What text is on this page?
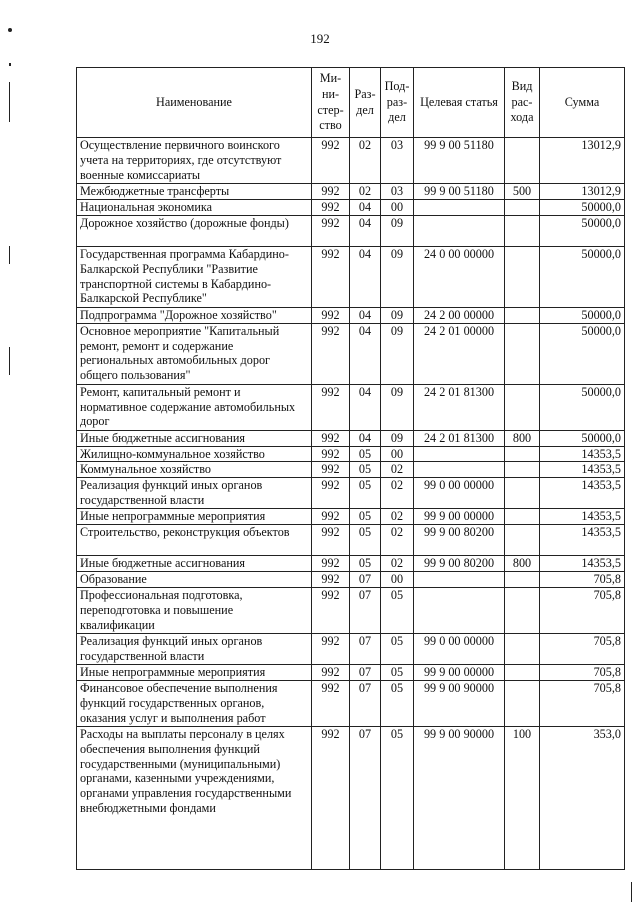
192
Наименование	Ми-ни-стер-ство	Раз-дел	Под-раз-дел	Целевая статья	Вид рас-хода	Сумма
Осуществление первичного воинского учета на территориях, где отсутствуют военные комиссариаты	992	02	03	99 9 00 51180		13012,9
Межбюджетные трансферты	992	02	03	99 9 00 51180	500	13012,9
Национальная экономика	992	04	00			50000,0
Дорожное хозяйство (дорожные фонды)	992	04	09			50000,0
Государственная программа Кабардино-Балкарской Республики "Развитие транспортной системы в Кабардино-Балкарской Республике"	992	04	09	24 0 00 00000		50000,0
Подпрограмма "Дорожное хозяйство"	992	04	09	24 2 00 00000		50000,0
Основное мероприятие "Капитальный ремонт, ремонт и содержание региональных автомобильных дорог общего пользования"	992	04	09	24 2 01 00000		50000,0
Ремонт, капитальный ремонт и нормативное содержание автомобильных дорог	992	04	09	24 2 01 81300		50000,0
Иные бюджетные ассигнования	992	04	09	24 2 01 81300	800	50000,0
Жилищно-коммунальное хозяйство	992	05	00			14353,5
Коммунальное хозяйство	992	05	02			14353,5
Реализация функций иных органов государственной власти	992	05	02	99 0 00 00000		14353,5
Иные непрограммные мероприятия	992	05	02	99 9 00 00000		14353,5
Строительство, реконструкция объектов	992	05	02	99 9 00 80200		14353,5
Иные бюджетные ассигнования	992	05	02	99 9 00 80200	800	14353,5
Образование	992	07	00			705,8
Профессиональная подготовка, переподготовка и повышение квалификации	992	07	05			705,8
Реализация функций иных органов государственной власти	992	07	05	99 0 00 00000		705,8
Иные непрограммные мероприятия	992	07	05	99 9 00 00000		705,8
Финансовое обеспечение выполнения функций государственных органов, оказания услуг и выполнения работ	992	07	05	99 9 00 90000		705,8
Расходы на выплаты персоналу в целях обеспечения выполнения функций государственными (муниципальными) органами, казенными учреждениями, органами управления государственными внебюджетными фондами	992	07	05	99 9 00 90000	100	353,0
